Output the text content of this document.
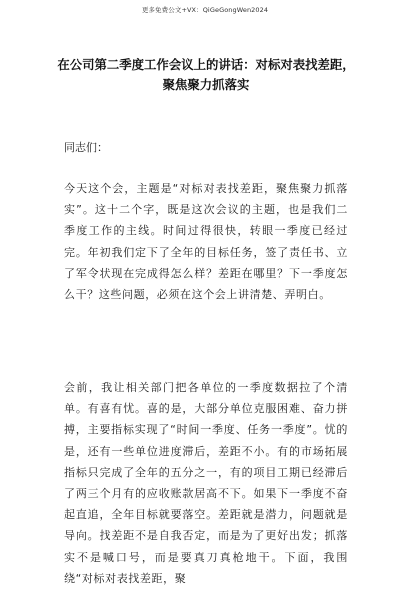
更多免费公文+VX：QiGeGongWen2024
在公司第二季度工作会议上的讲话：对标对表找差距，聚焦聚力抓落实
同志们：

今天这个会，主题是“对标对表找差距，聚焦聚力抓落实”。这十二个字，既是这次会议的主题，也是我们二季度工作的主线。时间过得很快，转眼一季度已经过完。年初我们定下了全年的目标任务，签了责任书、立了军令状现在完成得怎么样？差距在哪里？下一季度怎么干？这些问题，必须在这个会上讲清楚、弄明白。

会前，我让相关部门把各单位的一季度数据拉了个清单。有喜有忧。喜的是，大部分单位克服困难、奋力拼搏，主要指标实现了“时间一季度、任务一季度”。忧的是，还有一些单位进度滞后，差距不小。有的市场拓展指标只完成了全年的五分之一，有的项目工期已经滞后了两三个月有的应收账款居高不下。如果下一季度不奋起直追，全年目标就要落空。差距就是潜力，问题就是导向。找差距不是自我否定，而是为了更好出发；抓落实不是喊口号，而是要真刀真枪地干。下面，我围绕“对标对表找差距，聚
